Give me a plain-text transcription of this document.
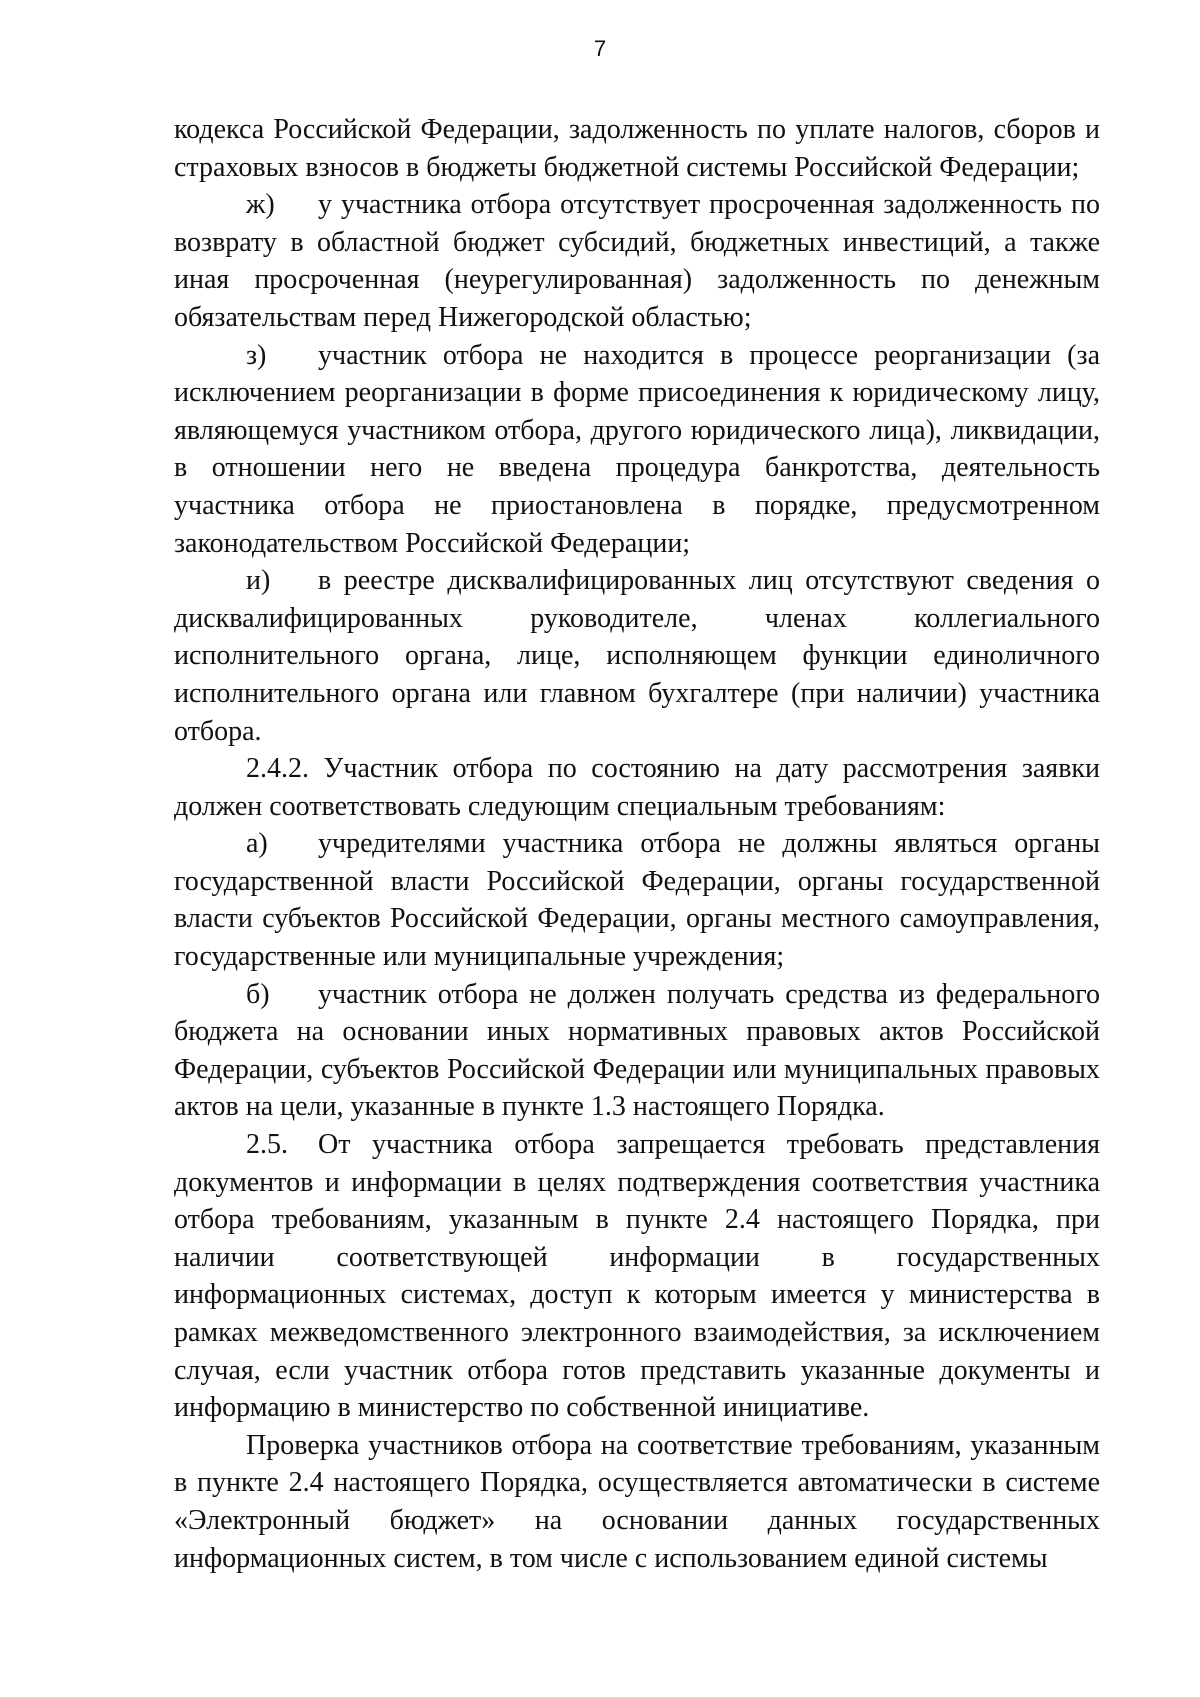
7

кодекса Российской Федерации, задолженность по уплате налогов, сборов и страховых взносов в бюджеты бюджетной системы Российской Федерации;

ж) у участника отбора отсутствует просроченная задолженность по возврату в областной бюджет субсидий, бюджетных инвестиций, а также иная просроченная (неурегулированная) задолженность по денежным обязательствам перед Нижегородской областью;

з) участник отбора не находится в процессе реорганизации (за исключением реорганизации в форме присоединения к юридическому лицу, являющемуся участником отбора, другого юридического лица), ликвидации, в отношении него не введена процедура банкротства, деятельность участника отбора не приостановлена в порядке, предусмотренном законодательством Российской Федерации;

и) в реестре дисквалифицированных лиц отсутствуют сведения о дисквалифицированных руководителе, членах коллегиального исполнительного органа, лице, исполняющем функции единоличного исполнительного органа или главном бухгалтере (при наличии) участника отбора.

2.4.2. Участник отбора по состоянию на дату рассмотрения заявки должен соответствовать следующим специальным требованиям:

а) учредителями участника отбора не должны являться органы государственной власти Российской Федерации, органы государственной власти субъектов Российской Федерации, органы местного самоуправления, государственные или муниципальные учреждения;

б) участник отбора не должен получать средства из федерального бюджета на основании иных нормативных правовых актов Российской Федерации, субъектов Российской Федерации или муниципальных правовых актов на цели, указанные в пункте 1.3 настоящего Порядка.

2.5. От участника отбора запрещается требовать представления документов и информации в целях подтверждения соответствия участника отбора требованиям, указанным в пункте 2.4 настоящего Порядка, при наличии соответствующей информации в государственных информационных системах, доступ к которым имеется у министерства в рамках межведомственного электронного взаимодействия, за исключением случая, если участник отбора готов представить указанные документы и информацию в министерство по собственной инициативе.

Проверка участников отбора на соответствие требованиям, указанным в пункте 2.4 настоящего Порядка, осуществляется автоматически в системе «Электронный бюджет» на основании данных государственных информационных систем, в том числе с использованием единой системы
